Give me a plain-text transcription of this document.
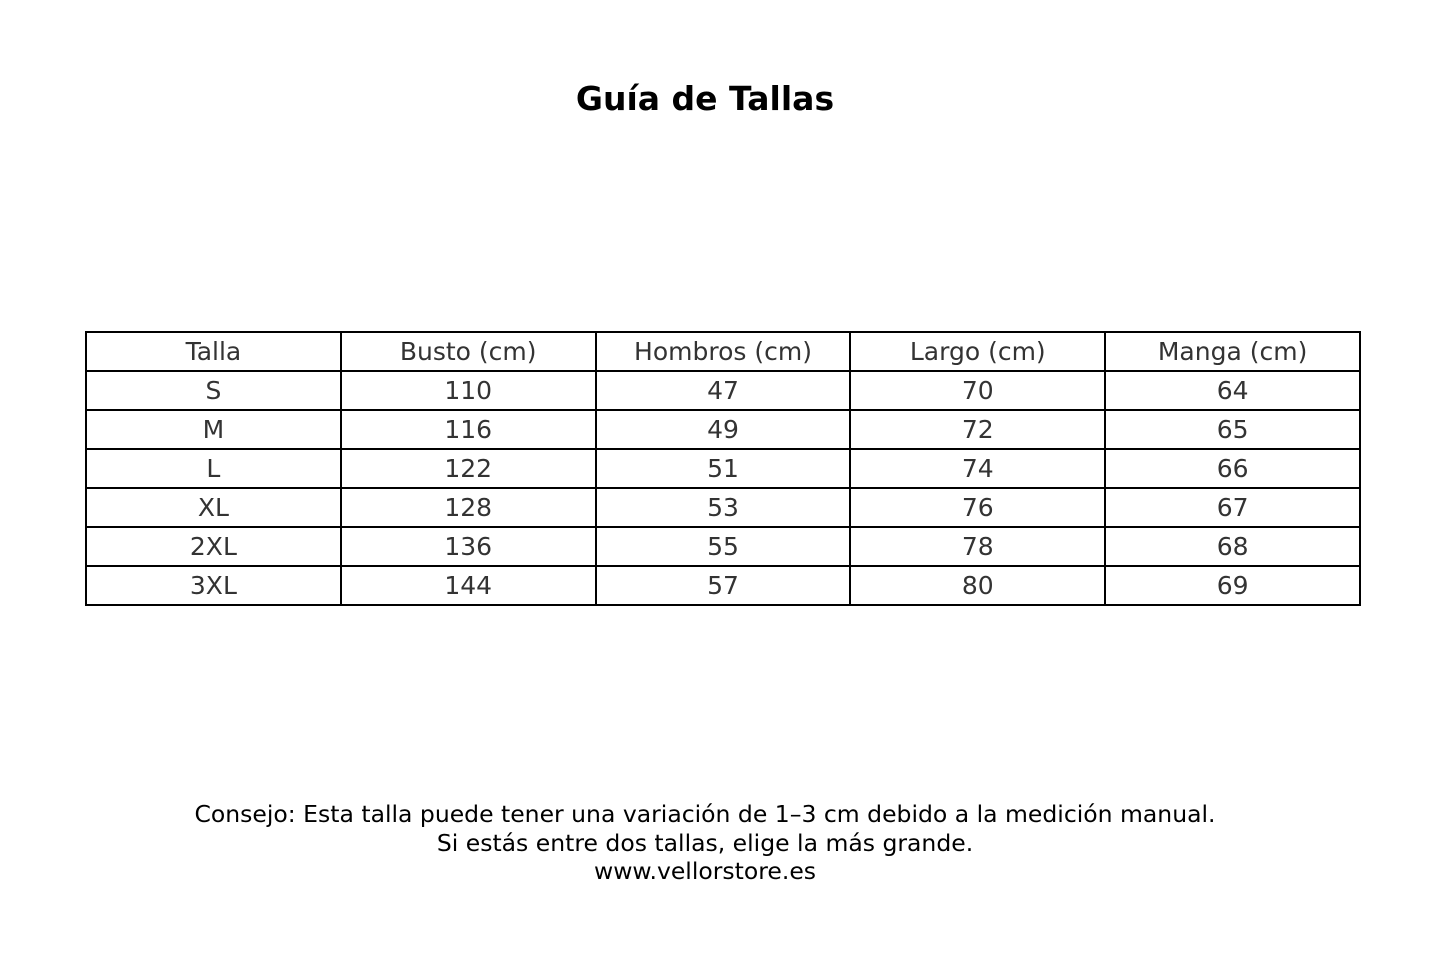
Guía de Tallas
Talla	Busto (cm)	Hombros (cm)	Largo (cm)	Manga (cm)
S	110	47	70	64
M	116	49	72	65
L	122	51	74	66
XL	128	53	76	67
2XL	136	55	78	68
3XL	144	57	80	69
Consejo: Esta talla puede tener una variación de 1–3 cm debido a la medición manual.
Si estás entre dos tallas, elige la más grande.
www.vellorstore.es
